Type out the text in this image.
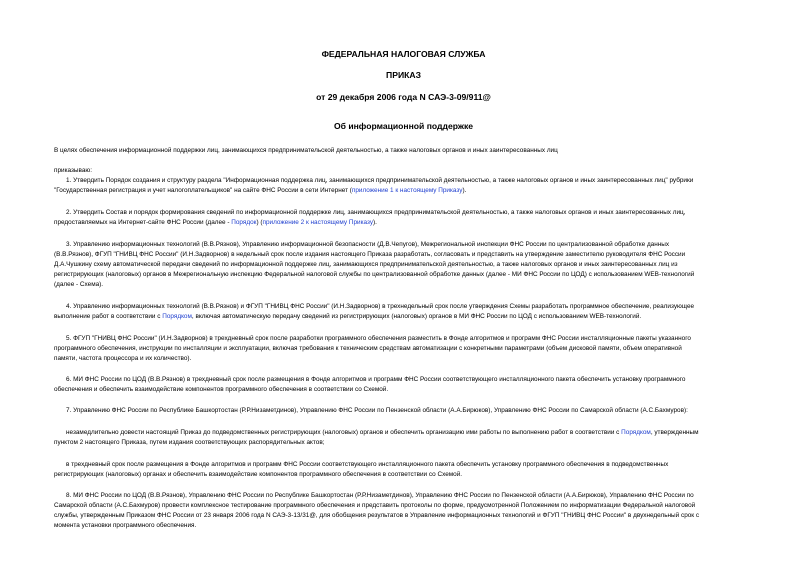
ФЕДЕРАЛЬНАЯ НАЛОГОВАЯ СЛУЖБА
ПРИКАЗ
от 29 декабря 2006 года N САЭ-3-09/911@
Об информационной поддержке
В целях обеспечения информационной поддержки лиц, занимающихся предпринимательской деятельностью, а также налоговых органов и иных заинтересованных лиц
приказываю:
1. Утвердить Порядок создания и структуру раздела "Информационная поддержка лиц, занимающихся предпринимательской деятельностью, а также налоговых органов и иных заинтересованных лиц" рубрики
"Государственная регистрация и учет налогоплательщиков" на сайте ФНС России в сети Интернет (приложение 1 к настоящему Приказу).
2. Утвердить Состав и порядок формирования сведений по информационной поддержке лиц, занимающихся предпринимательской деятельностью, а также налоговых органов и иных заинтересованных лиц,
предоставляемых на Интернет-сайте ФНС России (далее - Порядок) (приложение 2 к настоящему Приказу).
3. Управлению информационных технологий (В.В.Рязнов), Управлению информационной безопасности (Д.В.Чепугов), Межрегиональной инспекции ФНС России по централизованной обработке данных
(В.В.Рязнов), ФГУП "ГНИВЦ ФНС России" (И.Н.Задворнов) в недельный срок после издания настоящего Приказа разработать, согласовать и представить на утверждение заместителю руководителя ФНС России
Д.А.Чушкину схему автоматической передачи сведений по информационной поддержке лиц, занимающихся предпринимательской деятельностью, а также налоговых органов и иных заинтересованных лиц из
регистрирующих (налоговых) органов в Межрегиональную инспекцию Федеральной налоговой службы по централизованной обработке данных (далее - МИ ФНС России по ЦОД) с использованием WEB-технологий
(далее - Схема).
4. Управлению информационных технологий (В.В.Рязнов) и ФГУП "ГНИВЦ ФНС России" (И.Н.Задворнов) в трехнедельный срок после утверждения Схемы разработать программное обеспечение, реализующее
выполнение работ в соответствии с Порядком, включая автоматическую передачу сведений из регистрирующих (налоговых) органов в МИ ФНС России по ЦОД с использованием WEB-технологий.
5. ФГУП "ГНИВЦ ФНС России" (И.Н.Задворнов) в трехдневный срок после разработки программного обеспечения разместить в Фонде алгоритмов и программ ФНС России инсталляционные пакеты указанного
программного обеспечения, инструкции по инсталляции и эксплуатации, включая требования к техническим средствам автоматизации с конкретными параметрами (объем дисковой памяти, объем оперативной
памяти, частота процессора и их количество).
6. МИ ФНС России по ЦОД (В.В.Рязнов) в трехдневный срок после размещения в Фонде алгоритмов и программ ФНС России соответствующего инсталляционного пакета обеспечить установку программного
обеспечения и обеспечить взаимодействие компонентов программного обеспечения в соответствии со Схемой.
7. Управлению ФНС России по Республике Башкортостан (Р.Р.Низаметдинов), Управлению ФНС России по Пензенской области (А.А.Бирюков), Управлению ФНС России по Самарской области (А.С.Бахмуров):
незамедлительно довести настоящий Приказ до подведомственных регистрирующих (налоговых) органов и обеспечить организацию ими работы по выполнению работ в соответствии с Порядком, утвержденным
пунктом 2 настоящего Приказа, путем издания соответствующих распорядительных актов;
в трехдневный срок после размещения в Фонде алгоритмов и программ ФНС России соответствующего инсталляционного пакета обеспечить установку программного обеспечения в подведомственных
регистрирующих (налоговых) органах и обеспечить взаимодействие компонентов программного обеспечения в соответствии со Схемой.
8. МИ ФНС России по ЦОД (В.В.Рязнов), Управлению ФНС России по Республике Башкортостан (Р.Р.Низаметдинов), Управлению ФНС России по Пензенской области (А.А.Бирюков), Управлению ФНС России по
Самарской области (А.С.Бахмуров) провести комплексное тестирование программного обеспечения и представить протоколы по форме, предусмотренной Положением по информатизации Федеральной налоговой
службы, утвержденным Приказом ФНС России от 23 января 2006 года N САЭ-3-13/31@, для обобщения результатов в Управление информационных технологий и ФГУП "ГНИВЦ ФНС России" в двухнедельный срок с
момента установки программного обеспечения.
